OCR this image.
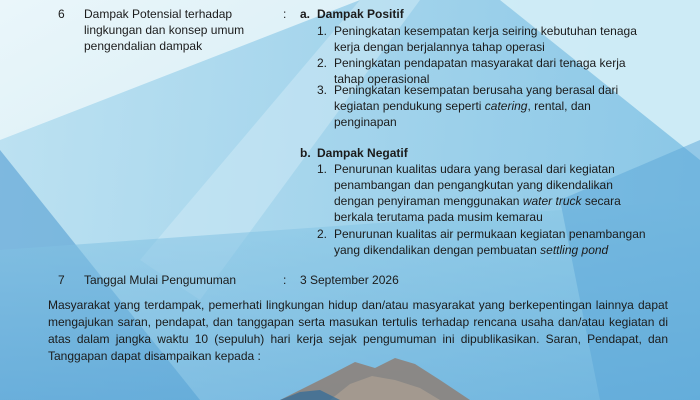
6	Dampak Potensial terhadap lingkungan dan konsep umum pengendalian dampak
:	a. Dampak Positif
1. Peningkatan kesempatan kerja seiring kebutuhan tenaga
kerja dengan berjalannya tahap operasi
2. Peningkatan pendapatan masyarakat dari tenaga kerja
tahap operasional
3. Peningkatan kesempatan berusaha yang berasal dari
kegiatan pendukung seperti catering, rental, dan
penginapan
b. Dampak Negatif
1. Penurunan kualitas udara yang berasal dari kegiatan
penambangan dan pengangkutan yang dikendalikan
dengan penyiraman menggunakan water truck secara
berkala terutama pada musim kemarau
2. Penurunan kualitas air permukaan kegiatan penambangan
yang dikendalikan dengan pembuatan settling pond
7	Tanggal Mulai Pengumuman	:	3 September 2026
Masyarakat yang terdampak, pemerhati lingkungan hidup dan/atau masyarakat yang berkepentingan lainnya dapat mengajukan saran, pendapat, dan tanggapan serta masukan tertulis terhadap rencana usaha dan/atau kegiatan di atas dalam jangka waktu 10 (sepuluh) hari kerja sejak pengumuman ini dipublikasikan. Saran, Pendapat, dan Tanggapan dapat disampaikan kepada :
